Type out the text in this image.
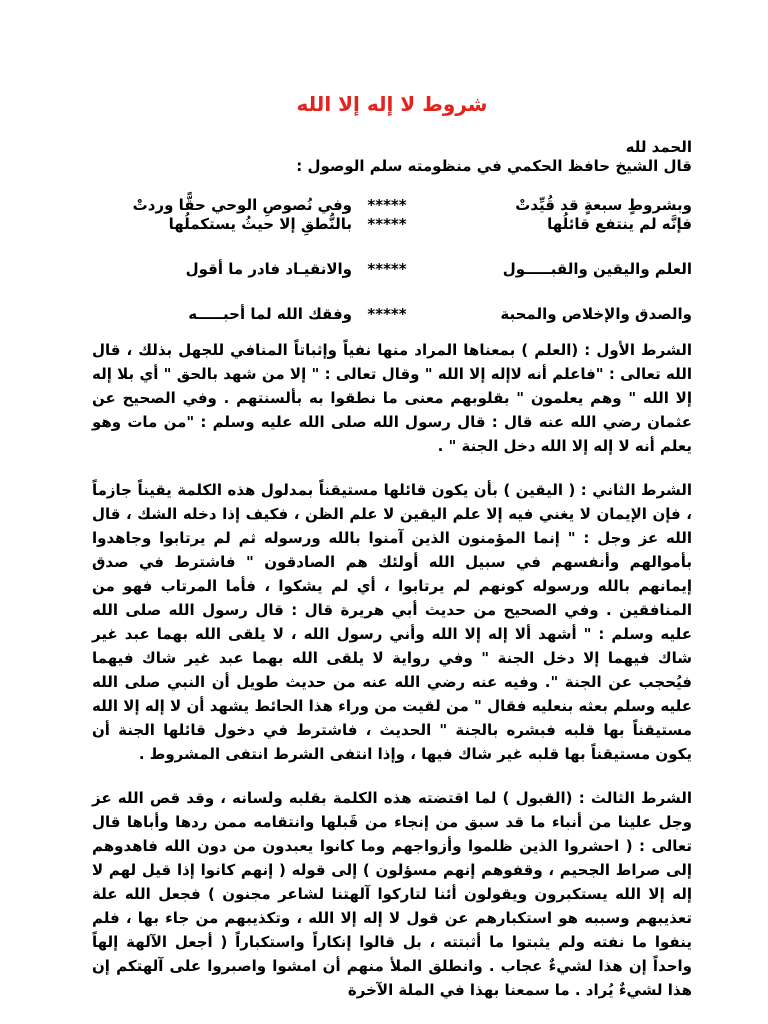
شروط لا إله إلا الله
الحمد لله
قال الشيخ حافظ الحكمي في منظومته سلم الوصول :
وبشروطٍ سبعةٍ قد قُيِّدتْ
*****
وفي نُصوصِ الوحي حقًّا وردتْ
فإنَّه لم ينتفع قائلُها
*****
بالنُّطقِ إلا حيثُ يستكملُها
العلم واليقين والقبـــــول
*****
والانقيـاد فادر ما أقول
والصدق والإخلاص والمحبة
*****
وفقك الله لما أحبـــــه

الشرط الأول : (العلم ) بمعناها المراد منها نفياً وإثباتاً المنافي للجهل بذلك ، قال الله تعالى : "فاعلم أنه لاإله إلا الله " وقال تعالى : " إلا من شهد بالحق " أي بلا إله إلا الله " وهم يعلمون " بقلوبهم معنى ما نطقوا به بألسنتهم . وفي الصحيح عن عثمان رضي الله عنه قال : قال رسول الله صلى الله عليه وسلم : "من مات وهو يعلم أنه لا إله إلا الله دخل الجنة " .

الشرط الثاني : ( اليقين ) بأن يكون قائلها مستيقناً بمدلول هذه الكلمة يقيناً جازماً ، فإن الإيمان لا يغني فيه إلا علم اليقين لا علم الظن ، فكيف إذا دخله الشك ، قال الله عز وجل : " إنما المؤمنون الذين آمنوا بالله ورسوله ثم لم يرتابوا وجاهدوا بأموالهم وأنفسهم في سبيل الله أولئك هم الصادقون " فاشترط في صدق إيمانهم بالله ورسوله كونهم لم يرتابوا ، أي لم يشكوا ، فأما المرتاب فهو من المنافقين . وفي الصحيح من حديث أبي هريرة قال : قال رسول الله صلى الله عليه وسلم : " أشهد ألا إله إلا الله وأني رسول الله ، لا يلقى الله بهما عبد غير شاك فيهما إلا دخل الجنة " وفي رواية لا يلقى الله بهما عبد غير شاك فيهما فيُحجب عن الجنة ". وفيه عنه رضي الله عنه من حديث طويل أن النبي صلى الله عليه وسلم بعثه بنعليه فقال " من لقيت من وراء هذا الحائط يشهد أن لا إله إلا الله مستيقناً بها قلبه فبشره بالجنة " الحديث ، فاشترط في دخول قائلها الجنة أن يكون مستيقناً بها قلبه غير شاك فيها ، وإذا انتفى الشرط انتفى المشروط .

الشرط الثالث : (القبول ) لما اقتضته هذه الكلمة بقلبه ولسانه ، وقد قص الله عز وجل علينا من أنباء ما قد سبق من إنجاء من قَبلها وانتقامه ممن ردها وأباها قال تعالى : ( احشروا الذين ظلموا وأزواجهم وما كانوا يعبدون من دون الله فاهدوهم إلى صراط الجحيم ، وقفوهم إنهم مسؤلون ) إلى قوله ( إنهم كانوا إذا قيل لهم لا إله إلا الله يستكبرون ويقولون أئنا لتاركوا آلهتنا لشاعر مجنون ) فجعل الله علة تعذيبهم وسببه هو استكبارهم عن قول لا إله إلا الله ، وتكذيبهم من جاء بها ، فلم ينفوا ما نفته ولم يثبتوا ما أثبتته ، بل قالوا إنكاراً واستكباراً ( أجعل الآلهة إلهاً واحداً إن هذا لشيءٌ عجاب . وانطلق الملأ منهم أن امشوا واصبروا على آلهتكم إن هذا لشيءٌ يُراد . ما سمعنا بهذا في الملة الآخرة
